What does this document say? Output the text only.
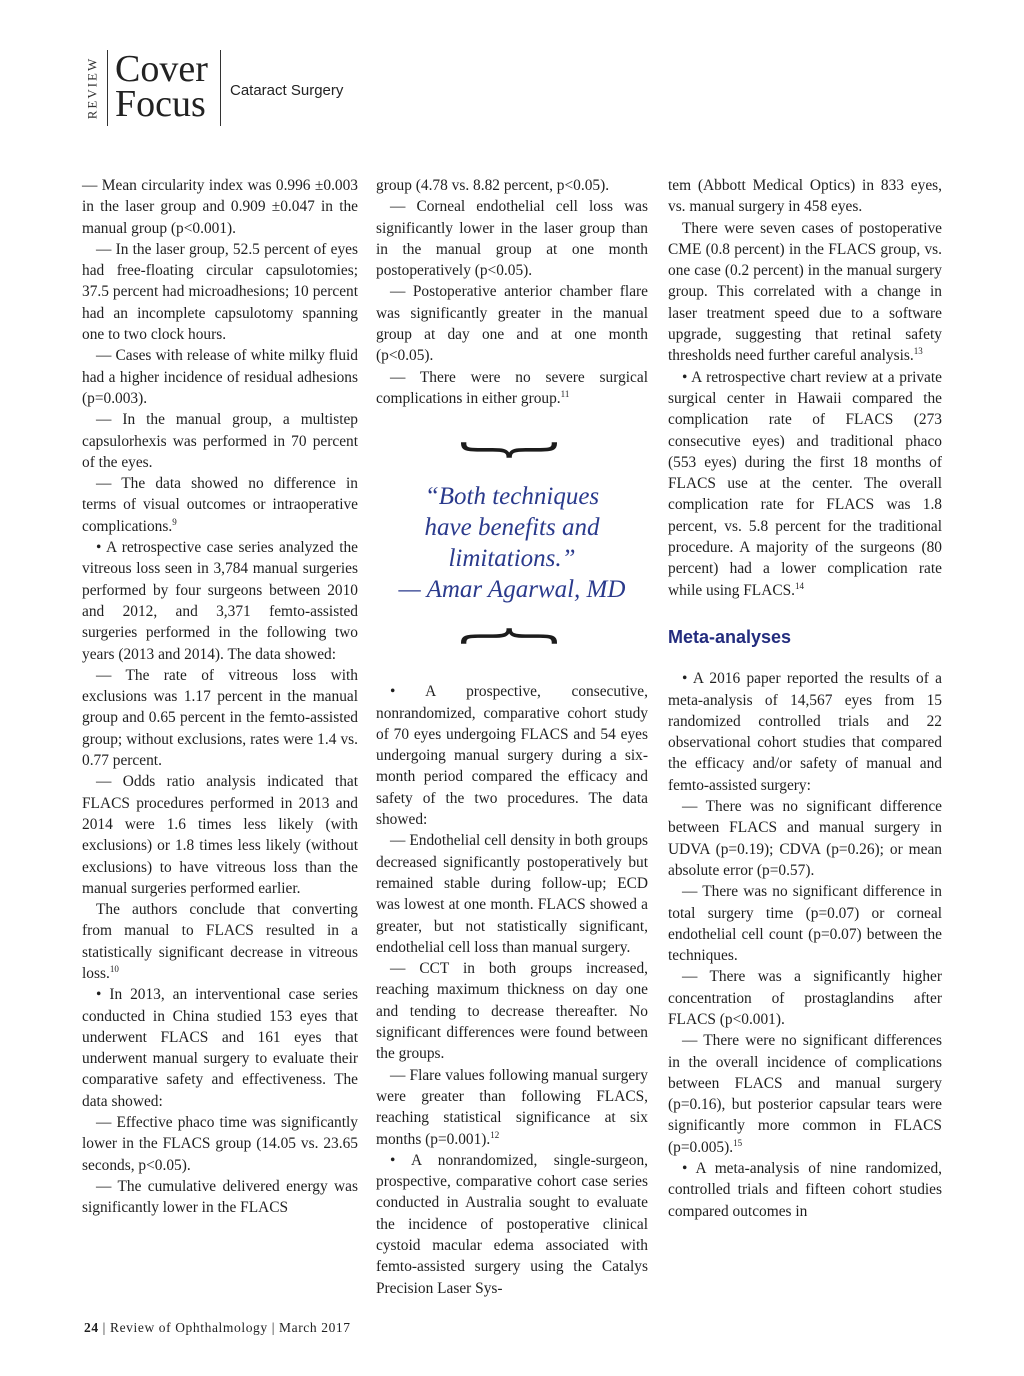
REVIEW Cover
Focus Cataract Surgery

— Mean circularity index was 0.996 ±0.003 in the laser group and 0.909 ±0.047 in the manual group (p<0.001).

— In the laser group, 52.5 percent of eyes had free-floating circular capsulotomies; 37.5 percent had microadhesions; 10 percent had an incomplete capsulotomy spanning one to two clock hours.

— Cases with release of white milky fluid had a higher incidence of residual adhesions (p=0.003).

— In the manual group, a multistep capsulorhexis was performed in 70 percent of the eyes.

— The data showed no difference in terms of visual outcomes or intraoperative complications.$^9$

• A retrospective case series analyzed the vitreous loss seen in 3,784 manual surgeries performed by four surgeons between 2010 and 2012, and 3,371 femto-assisted surgeries performed in the following two years (2013 and 2014). The data showed:

— The rate of vitreous loss with exclusions was 1.17 percent in the manual group and 0.65 percent in the femto-assisted group; without exclusions, rates were 1.4 vs. 0.77 percent.

— Odds ratio analysis indicated that FLACS procedures performed in 2013 and 2014 were 1.6 times less likely (with exclusions) or 1.8 times less likely (without exclusions) to have vitreous loss than the manual surgeries performed earlier.

The authors conclude that converting from manual to FLACS resulted in a statistically significant decrease in vitreous loss.$^{10}$

• In 2013, an interventional case series conducted in China studied 153 eyes that underwent FLACS and 161 eyes that underwent manual surgery to evaluate their comparative safety and effectiveness. The data showed:

— Effective phaco time was significantly lower in the FLACS group (14.05 vs. 23.65 seconds, p<0.05).

— The cumulative delivered energy was significantly lower in the FLACS

group (4.78 vs. 8.82 percent, p<0.05).

— Corneal endothelial cell loss was significantly lower in the laser group than in the manual group at one month postoperatively (p<0.05).

— Postoperative anterior chamber flare was significantly greater in the manual group at day one and at one month (p<0.05).

— There were no severe surgical complications in either group.$^{11}$

}
“Both techniques
have benefits and
limitations.”
— Amar Agarwal, MD
{

• A prospective, consecutive, nonrandomized, comparative cohort study of 70 eyes undergoing FLACS and 54 eyes undergoing manual surgery during a six-month period compared the efficacy and safety of the two procedures. The data showed:

— Endothelial cell density in both groups decreased significantly postoperatively but remained stable during follow-up; ECD was lowest at one month. FLACS showed a greater, but not statistically significant, endothelial cell loss than manual surgery.

— CCT in both groups increased, reaching maximum thickness on day one and tending to decrease thereafter. No significant differences were found between the groups.

— Flare values following manual surgery were greater than following FLACS, reaching statistical significance at six months (p=0.001).$^{12}$

• A nonrandomized, single-surgeon, prospective, comparative cohort case series conducted in Australia sought to evaluate the incidence of postoperative clinical cystoid macular edema associated with femto-assisted surgery using the Catalys Precision Laser Sys-

tem (Abbott Medical Optics) in 833 eyes, vs. manual surgery in 458 eyes.

There were seven cases of postoperative CME (0.8 percent) in the FLACS group, vs. one case (0.2 percent) in the manual surgery group. This correlated with a change in laser treatment speed due to a software upgrade, suggesting that retinal safety thresholds need further careful analysis.$^{13}$

• A retrospective chart review at a private surgical center in Hawaii compared the complication rate of FLACS (273 consecutive eyes) and traditional phaco (553 eyes) during the first 18 months of FLACS use at the center. The overall complication rate for FLACS was 1.8 percent, vs. 5.8 percent for the traditional procedure. A majority of the surgeons (80 percent) had a lower complication rate while using FLACS.$^{14}$

Meta-analyses

• A 2016 paper reported the results of a meta-analysis of 14,567 eyes from 15 randomized controlled trials and 22 observational cohort studies that compared the efficacy and/or safety of manual and femto-assisted surgery:

— There was no significant difference between FLACS and manual surgery in UDVA (p=0.19); CDVA (p=0.26); or mean absolute error (p=0.57).

— There was no significant difference in total surgery time (p=0.07) or corneal endothelial cell count (p=0.07) between the techniques.

— There was a significantly higher concentration of prostaglandins after FLACS (p<0.001).

— There were no significant differences in the overall incidence of complications between FLACS and manual surgery (p=0.16), but posterior capsular tears were significantly more common in FLACS (p=0.005).$^{15}$

• A meta-analysis of nine randomized, controlled trials and fifteen cohort studies compared outcomes in

24 | Review of Ophthalmology | March 2017
